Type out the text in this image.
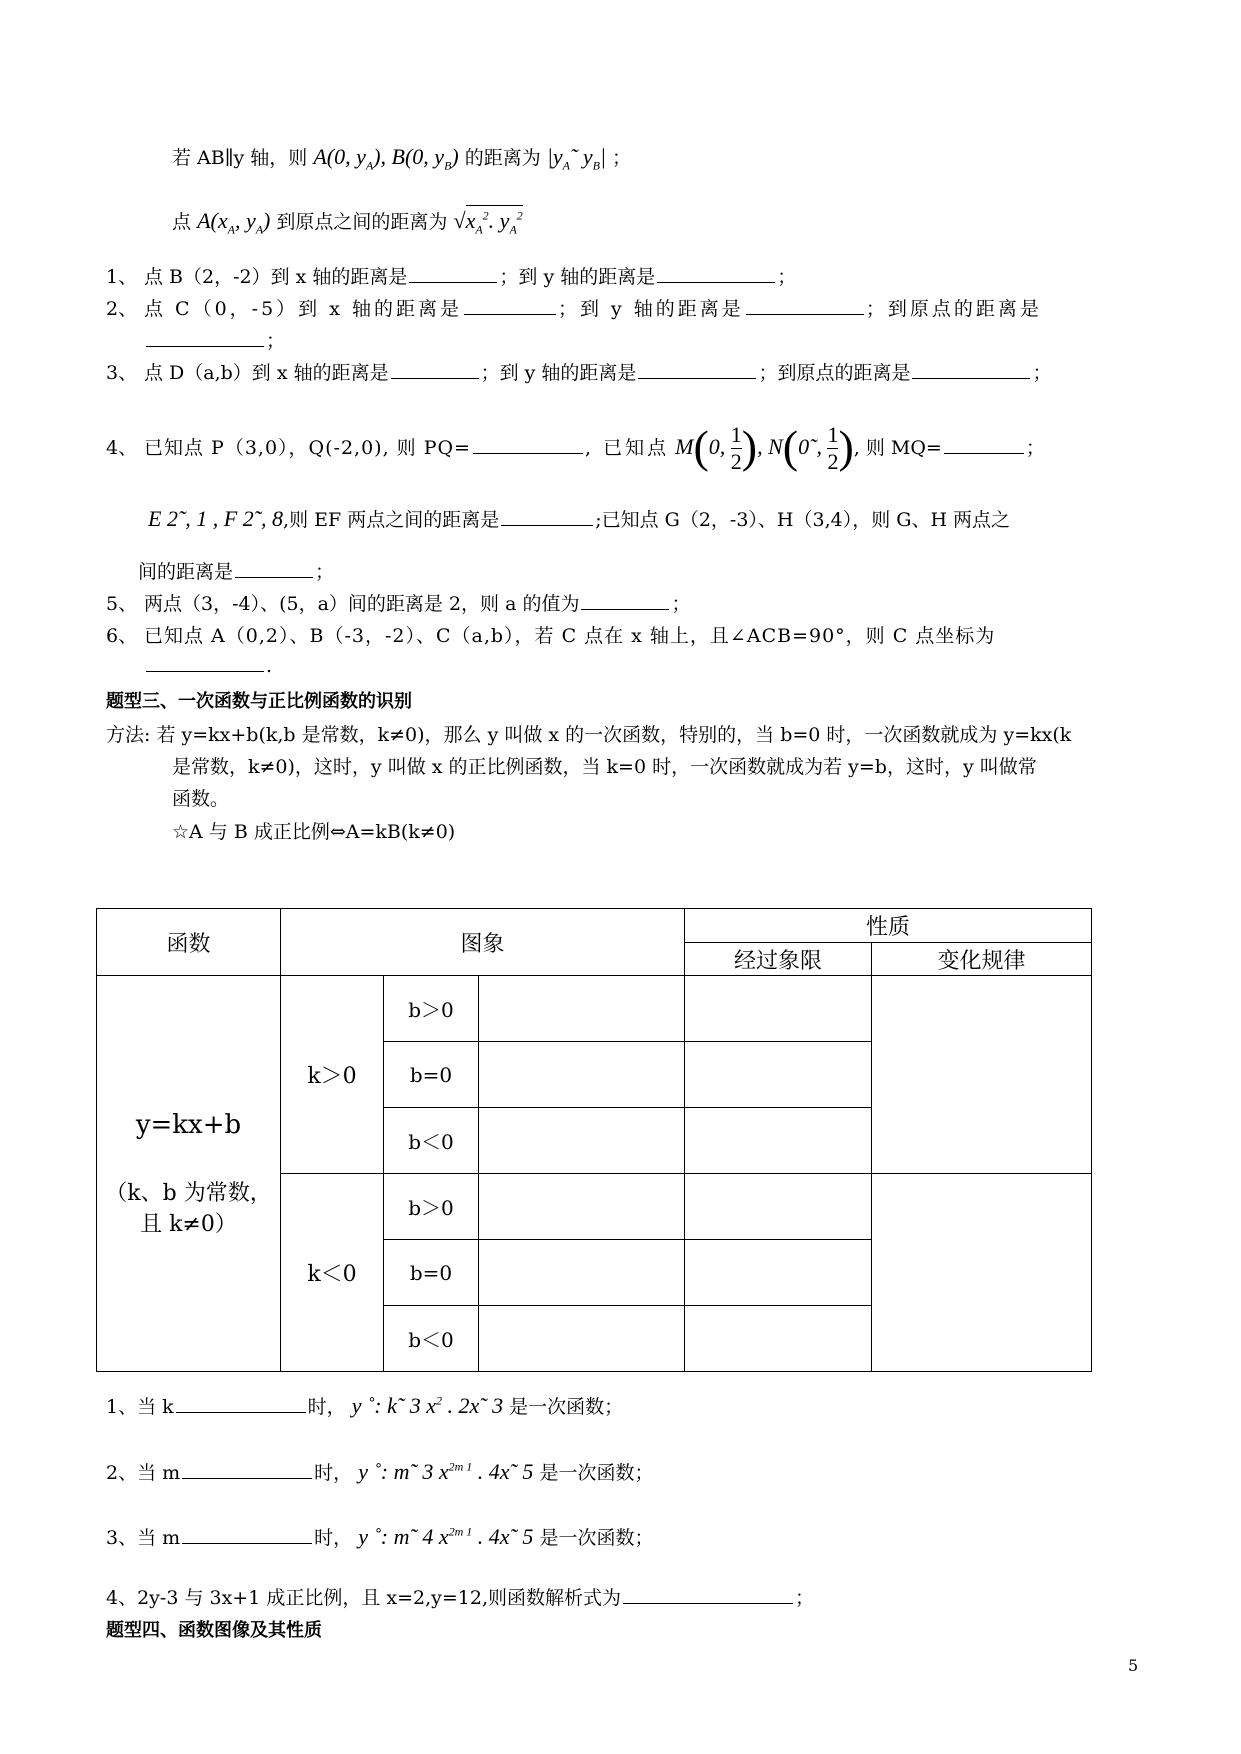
若 AB∥y 轴，则 A(0, $y_A$), B(0, $y_B$) 的距离为 $|y_A˜$ $y_B|$ ；
点 $A(x_A$, $y_A$) 到原点之间的距离为 $√x_A^2$. $y_A^2$
1、 点 B（2，-2）到 x 轴的距离是	；到 y 轴的距离是	；
2、 点 C（0，-5）到 x 轴的距离是	；到 y 轴的距离是	；到原点的距离是
；
3、 点 D（a,b）到 x 轴的距离是	；到 y 轴的距离是	；到原点的距离是	；
4、 已知点 P（3,0），Q(-2,0), 则 PQ=	, 已知点 M(0, $\frac{1}{2}$ ), N(0˜, $\frac{1}{2}$ ), 则 MQ=	；
E 2˜, 1 , F 2˜, 8,则 EF 两点之间的距离是	;已知点 G（2，-3）、H（3,4），则 G、H 两点之
间的距离是	；
5、 两点（3，-4）、(5，a）间的距离是 2，则 a 的值为	；
6、 已知点 A（0,2）、B（-3，-2）、C（a,b），若 C 点在 x 轴上，且∠ACB=90°，则 C 点坐标为
.
题型三、一次函数与正比例函数的识别
方法: 若 y=kx+b(k,b 是常数，k≠0)，那么 y 叫做 x 的一次函数，特别的，当 b=0 时，一次函数就成为 y=kx(k
是常数，k≠0)，这时，y 叫做 x 的正比例函数，当 k=0 时，一次函数就成为若 y=b，这时，y 叫做常
函数。
☆A 与 B 成正比例⇔A=kB(k≠0)
函数	图象			性质	
				经过象限	变化规律

y=kx+b
（k、b 为常数，
且 k≠0）	k＞0	b＞0			
		b=0			
		b＜0			
	k＜0	b＞0			
		b=0			
		b＜0			
1、当 k	时， y ˚: k˜ 3 $x^2$ . 2x˜ 3 是一次函数；
2、当 m	时， y ˚: m˜ 3 $x^{2m 1}$ . 4x˜ 5 是一次函数；
3、当 m	时， y ˚: m˜ 4 $x^{2m 1}$ . 4x˜ 5 是一次函数；
4、2y-3 与 3x+1 成正比例，且 x=2,y=12,则函数解析式为	；
题型四、函数图像及其性质
5
